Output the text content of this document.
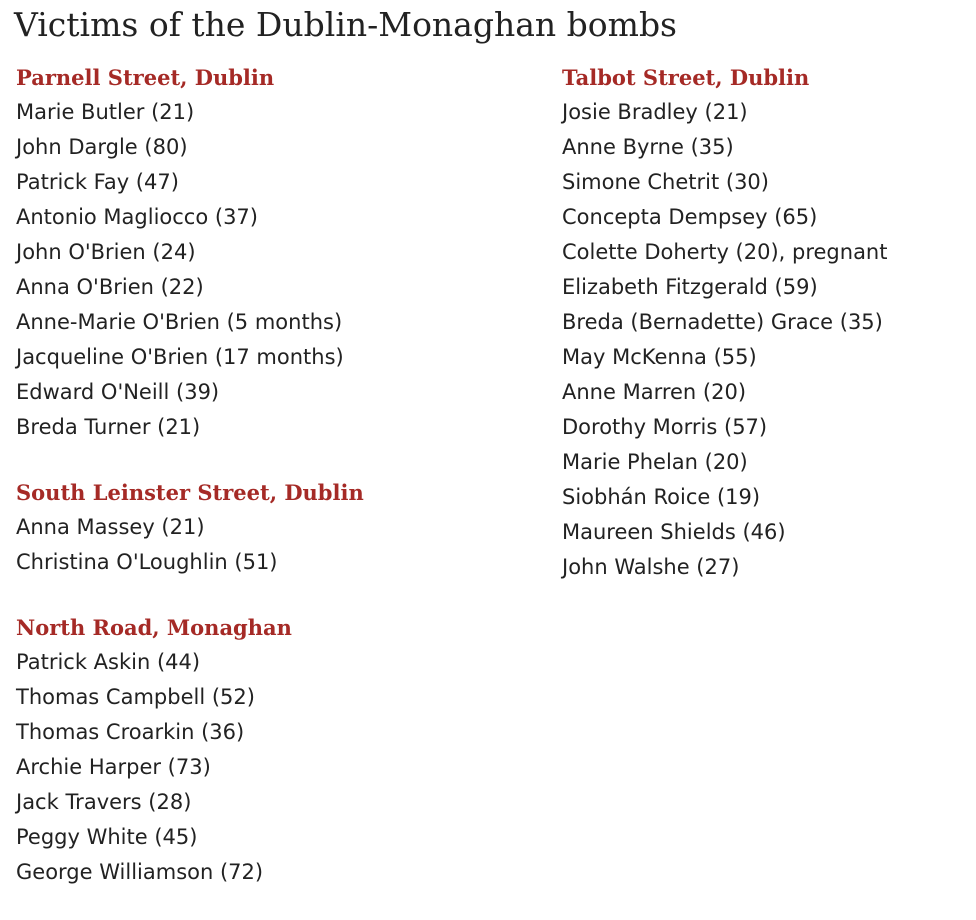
Victims of the Dublin-Monaghan bombs
Parnell Street, Dublin
Marie Butler (21)
John Dargle (80)
Patrick Fay (47)
Antonio Magliocco (37)
John O'Brien (24)
Anna O'Brien (22)
Anne-Marie O'Brien (5 months)
Jacqueline O'Brien (17 months)
Edward O'Neill (39)
Breda Turner (21)
South Leinster Street, Dublin
Anna Massey (21)
Christina O'Loughlin (51)
North Road, Monaghan
Patrick Askin (44)
Thomas Campbell (52)
Thomas Croarkin (36)
Archie Harper (73)
Jack Travers (28)
Peggy White (45)
George Williamson (72)
Talbot Street, Dublin
Josie Bradley (21)
Anne Byrne (35)
Simone Chetrit (30)
Concepta Dempsey (65)
Colette Doherty (20), pregnant
Elizabeth Fitzgerald (59)
Breda (Bernadette) Grace (35)
May McKenna (55)
Anne Marren (20)
Dorothy Morris (57)
Marie Phelan (20)
Siobhán Roice (19)
Maureen Shields (46)
John Walshe (27)
